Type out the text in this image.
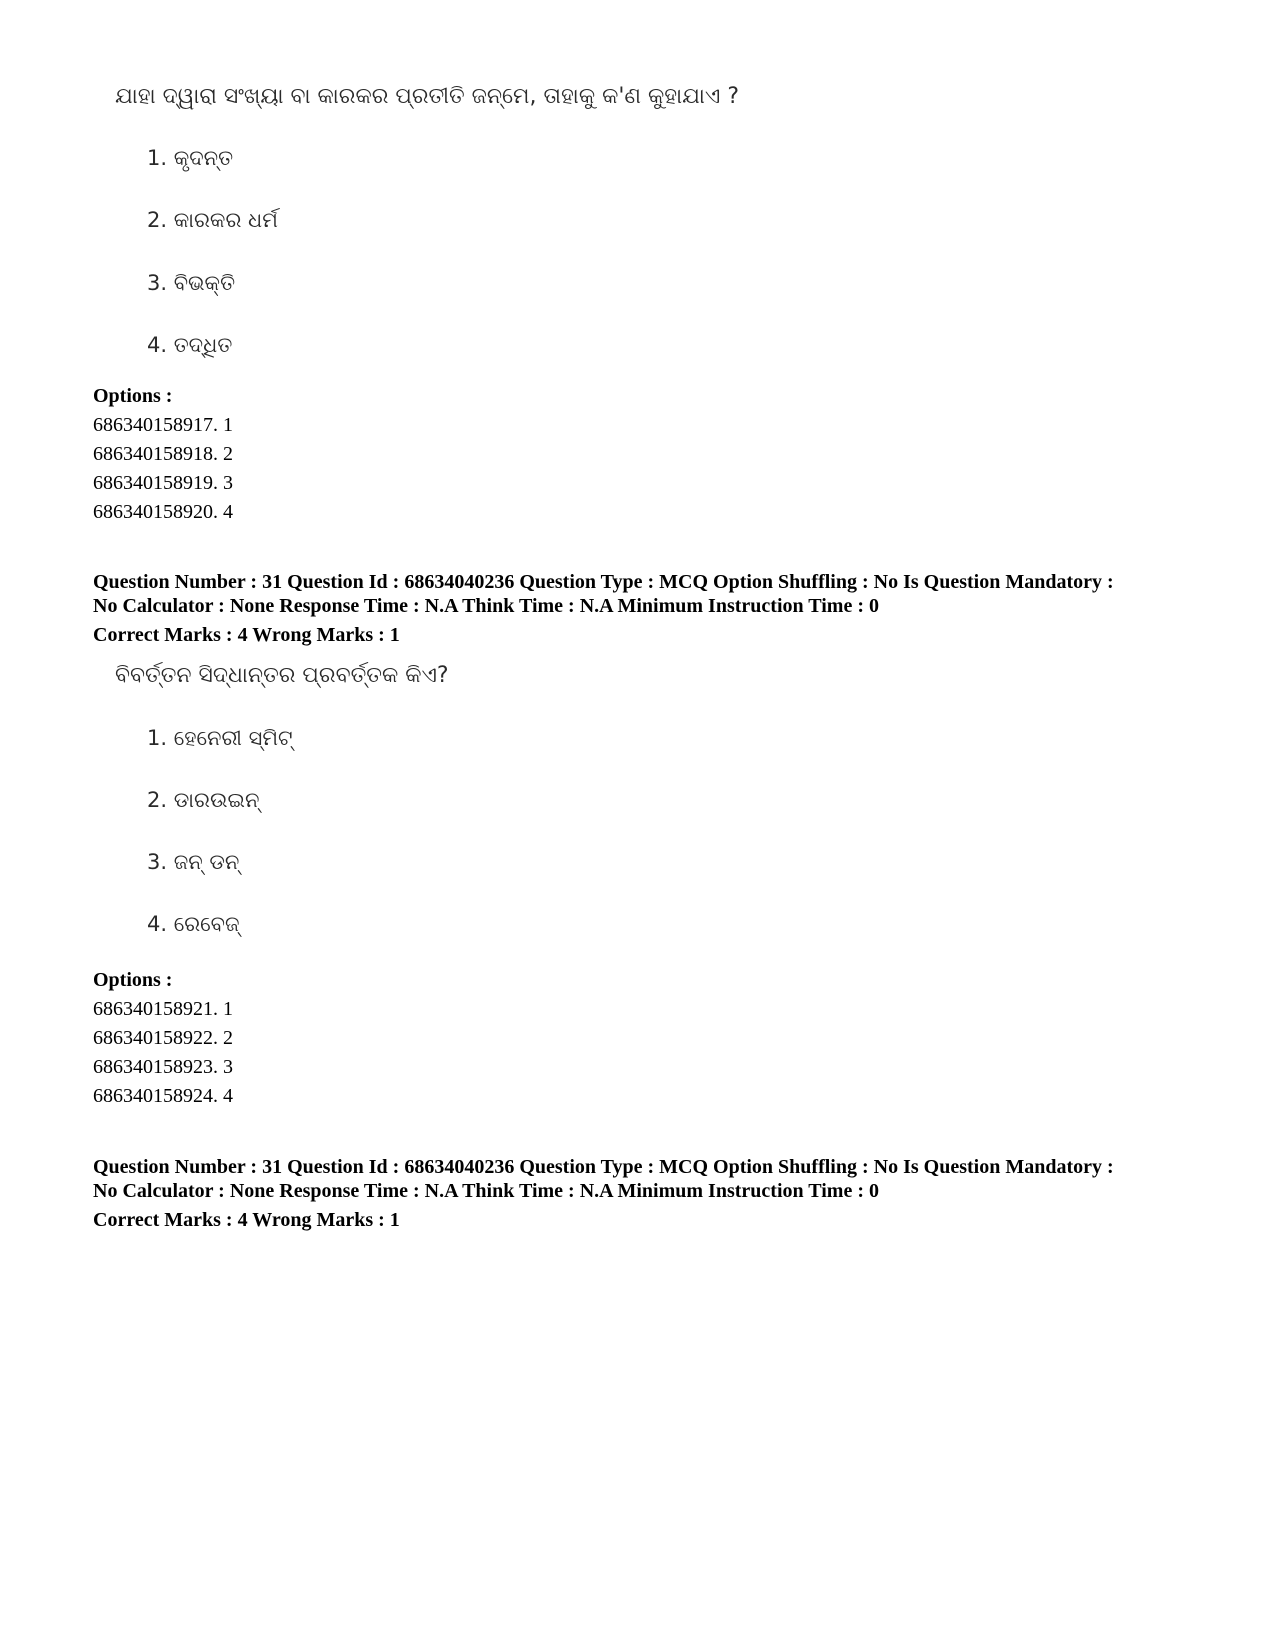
ଯାହା ଦ୍ୱାରା ସଂଖ୍ୟା ବା କାରକର ପ୍ରତୀତି ଜନ୍ମେ, ତାହାକୁ କ'ଣ କୁହାଯାଏ ?
1. କୃଦନ୍ତ
2. କାରକର ଧର୍ମ
3. ବିଭକ୍ତି
4. ତଦ୍ଧିତ
Options :
686340158917. 1
686340158918. 2
686340158919. 3
686340158920. 4
Question Number : 31 Question Id : 68634040236 Question Type : MCQ Option Shuffling : No Is Question Mandatory :
No Calculator : None Response Time : N.A Think Time : N.A Minimum Instruction Time : 0
Correct Marks : 4 Wrong Marks : 1
ବିବର୍ତ୍ତନ ସିଦ୍ଧାନ୍ତର ପ୍ରବର୍ତ୍ତକ କିଏ?
1. ହେନେରୀ ସ୍ମିଟ୍
2. ଡାରଉଇନ୍
3. ଜନ୍ ଡନ୍
4. ରେବେଜ୍
Options :
686340158921. 1
686340158922. 2
686340158923. 3
686340158924. 4
Question Number : 31 Question Id : 68634040236 Question Type : MCQ Option Shuffling : No Is Question Mandatory :
No Calculator : None Response Time : N.A Think Time : N.A Minimum Instruction Time : 0
Correct Marks : 4 Wrong Marks : 1
